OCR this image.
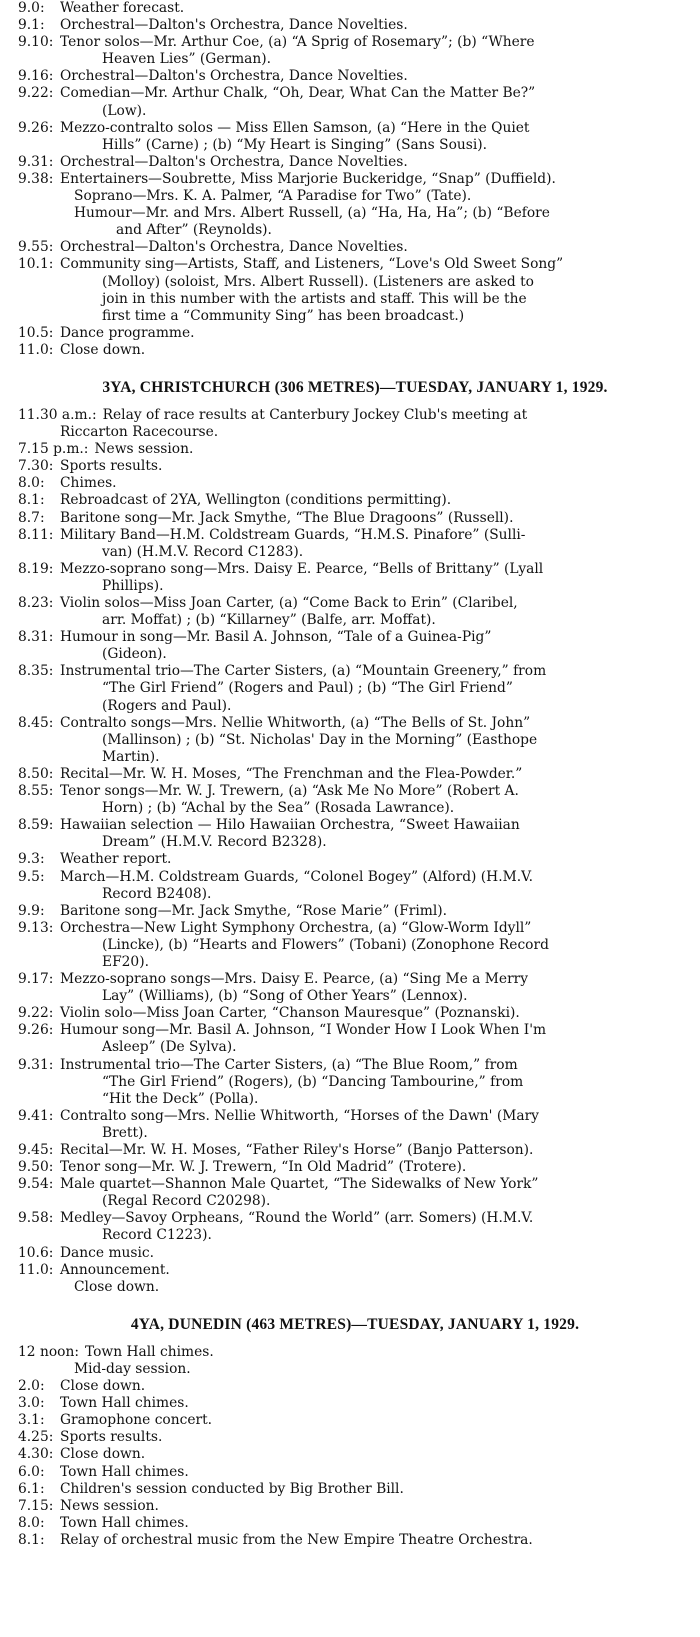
9.0:	Weather forecast.
9.1:	Orchestral—Dalton's Orchestra, Dance Novelties.
9.10: Tenor solos—Mr. Arthur Coe, (a) “A Sprig of Rosemary”; (b) “Where
Heaven Lies” (German).
9.16: Orchestral—Dalton's Orchestra, Dance Novelties.
9.22: Comedian—Mr. Arthur Chalk, “Oh, Dear, What Can the Matter Be?”
(Low).
9.26: Mezzo-contralto solos — Miss Ellen Samson, (a) “Here in the Quiet
Hills” (Carne) ; (b) “My Heart is Singing” (Sans Sousi).
9.31: Orchestral—Dalton's Orchestra, Dance Novelties.
9.38: Entertainers—Soubrette, Miss Marjorie Buckeridge, “Snap” (Duffield).
Soprano—Mrs. K. A. Palmer, “A Paradise for Two” (Tate).
Humour—Mr. and Mrs. Albert Russell, (a) “Ha, Ha, Ha”; (b) “Before
and After” (Reynolds).
9.55: Orchestral—Dalton's Orchestra, Dance Novelties.
10.1: Community sing—Artists, Staff, and Listeners, “Love's Old Sweet Song”
(Molloy) (soloist, Mrs. Albert Russell). (Listeners are asked to
join in this number with the artists and staff. This will be the
first time a “Community Sing” has been broadcast.)
10.5: Dance programme.
11.0: Close down.
3YA, CHRISTCHURCH (306 METRES)—TUESDAY, JANUARY 1, 1929.
11.30 a.m.: Relay of race results at Canterbury Jockey Club's meeting at
Riccarton Racecourse.
7.15 p.m.: News session.
7.30: Sports results.
8.0:	Chimes.
8.1:	Rebroadcast of 2YA, Wellington (conditions permitting).
8.7:	Baritone song—Mr. Jack Smythe, “The Blue Dragoons” (Russell).
8.11: Military Band—H.M. Coldstream Guards, “H.M.S. Pinafore” (Sulli-
van) (H.M.V. Record C1283).
8.19: Mezzo-soprano song—Mrs. Daisy E. Pearce, “Bells of Brittany” (Lyall
Phillips).
8.23: Violin solos—Miss Joan Carter, (a) “Come Back to Erin” (Claribel,
arr. Moffat) ; (b) “Killarney” (Balfe, arr. Moffat).
8.31: Humour in song—Mr. Basil A. Johnson, “Tale of a Guinea-Pig”
(Gideon).
8.35: Instrumental trio—The Carter Sisters, (a) “Mountain Greenery,” from
“The Girl Friend” (Rogers and Paul) ; (b) “The Girl Friend”
(Rogers and Paul).
8.45: Contralto songs—Mrs. Nellie Whitworth, (a) “The Bells of St. John”
(Mallinson) ; (b) “St. Nicholas' Day in the Morning” (Easthope
Martin).
8.50: Recital—Mr. W. H. Moses, “The Frenchman and the Flea-Powder.”
8.55: Tenor songs—Mr. W. J. Trewern, (a) “Ask Me No More” (Robert A.
Horn) ; (b) “Achal by the Sea” (Rosada Lawrance).
8.59: Hawaiian selection — Hilo Hawaiian Orchestra, “Sweet Hawaiian
Dream” (H.M.V. Record B2328).
9.3:	Weather report.
9.5:	March—H.M. Coldstream Guards, “Colonel Bogey” (Alford) (H.M.V.
Record B2408).
9.9:	Baritone song—Mr. Jack Smythe, “Rose Marie” (Friml).
9.13: Orchestra—New Light Symphony Orchestra, (a) “Glow-Worm Idyll”
(Lincke), (b) “Hearts and Flowers” (Tobani) (Zonophone Record
EF20).
9.17: Mezzo-soprano songs—Mrs. Daisy E. Pearce, (a) “Sing Me a Merry
Lay” (Williams), (b) “Song of Other Years” (Lennox).
9.22: Violin solo—Miss Joan Carter, “Chanson Mauresque” (Poznanski).
9.26: Humour song—Mr. Basil A. Johnson, “I Wonder How I Look When I'm
Asleep” (De Sylva).
9.31: Instrumental trio—The Carter Sisters, (a) “The Blue Room,” from
“The Girl Friend” (Rogers), (b) “Dancing Tambourine,” from
“Hit the Deck” (Polla).
9.41: Contralto song—Mrs. Nellie Whitworth, “Horses of the Dawn' (Mary
Brett).
9.45: Recital—Mr. W. H. Moses, “Father Riley's Horse” (Banjo Patterson).
9.50: Tenor song—Mr. W. J. Trewern, “In Old Madrid” (Trotere).
9.54: Male quartet—Shannon Male Quartet, “The Sidewalks of New York”
(Regal Record C20298).
9.58: Medley—Savoy Orpheans, “Round the World” (arr. Somers) (H.M.V.
Record C1223).
10.6: Dance music.
11.0: Announcement.
Close down.
4YA, DUNEDIN (463 METRES)—TUESDAY, JANUARY 1, 1929.
12 noon: Town Hall chimes.
Mid-day session.
2.0:	Close down.
3.0:	Town Hall chimes.
3.1:	Gramophone concert.
4.25: Sports results.
4.30: Close down.
6.0:	Town Hall chimes.
6.1:	Children's session conducted by Big Brother Bill.
7.15: News session.
8.0:	Town Hall chimes.
8.1:	Relay of orchestral music from the New Empire Theatre Orchestra.
